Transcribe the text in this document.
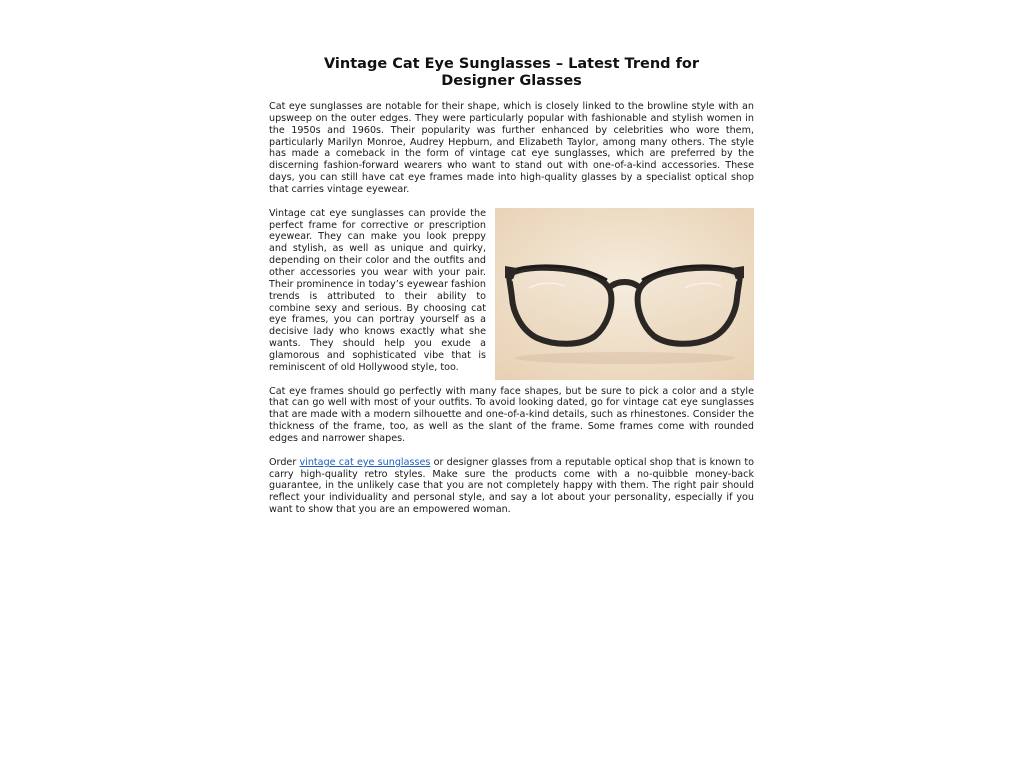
Vintage Cat Eye Sunglasses – Latest Trend for Designer Glasses

Cat eye sunglasses are notable for their shape, which is closely linked to the browline style with an upsweep on the outer edges. They were particularly popular with fashionable and stylish women in the 1950s and 1960s. Their popularity was further enhanced by celebrities who wore them, particularly Marilyn Monroe, Audrey Hepburn, and Elizabeth Taylor, among many others. The style has made a comeback in the form of vintage cat eye sunglasses, which are preferred by the discerning fashion-forward wearers who want to stand out with one-of-a-kind accessories. These days, you can still have cat eye frames made into high-quality glasses by a specialist optical shop that carries vintage eyewear.

Vintage cat eye sunglasses can provide the perfect frame for corrective or prescription eyewear. They can make you look preppy and stylish, as well as unique and quirky, depending on their color and the outfits and other accessories you wear with your pair. Their prominence in today’s eyewear fashion trends is attributed to their ability to combine sexy and serious. By choosing cat eye frames, you can portray yourself as a decisive lady who knows exactly what she wants. They should help you exude a glamorous and sophisticated vibe that is reminiscent of old Hollywood style, too.

Cat eye frames should go perfectly with many face shapes, but be sure to pick a color and a style that can go well with most of your outfits. To avoid looking dated, go for vintage cat eye sunglasses that are made with a modern silhouette and one-of-a-kind details, such as rhinestones. Consider the thickness of the frame, too, as well as the slant of the frame. Some frames come with rounded edges and narrower shapes.

Order vintage cat eye sunglasses or designer glasses from a reputable optical shop that is known to carry high-quality retro styles. Make sure the products come with a no-quibble money-back guarantee, in the unlikely case that you are not completely happy with them. The right pair should reflect your individuality and personal style, and say a lot about your personality, especially if you want to show that you are an empowered woman.
